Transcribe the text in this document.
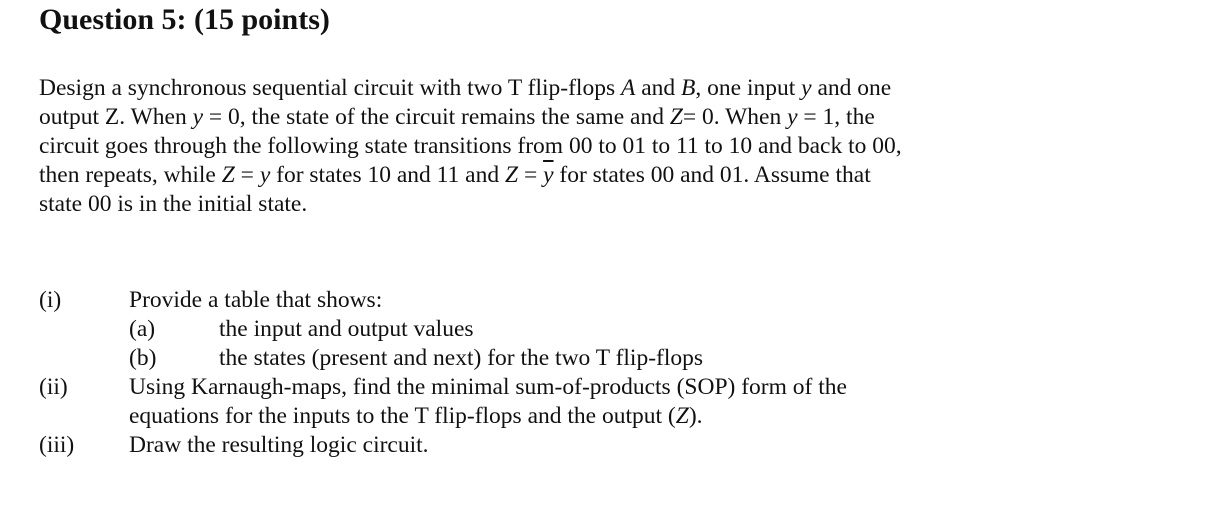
Question 5: (15 points)
Design a synchronous sequential circuit with two T flip-flops A and B, one input y and one
output Z. When y = 0, the state of the circuit remains the same and Z= 0. When y = 1, the
circuit goes through the following state transitions from 00 to 01 to 11 to 10 and back to 00,
then repeats, while Z = y for states 10 and 11 and $Z = \overline{y}$ for states 00 and 01. Assume that
state 00 is in the initial state.
(i)	Provide a table that shows:
(a)	the input and output values
(b)	the states (present and next) for the two T flip-flops
(ii)	Using Karnaugh-maps, find the minimal sum-of-products (SOP) form of the
equations for the inputs to the T flip-flops and the output (Z).
(iii) Draw the resulting logic circuit.
